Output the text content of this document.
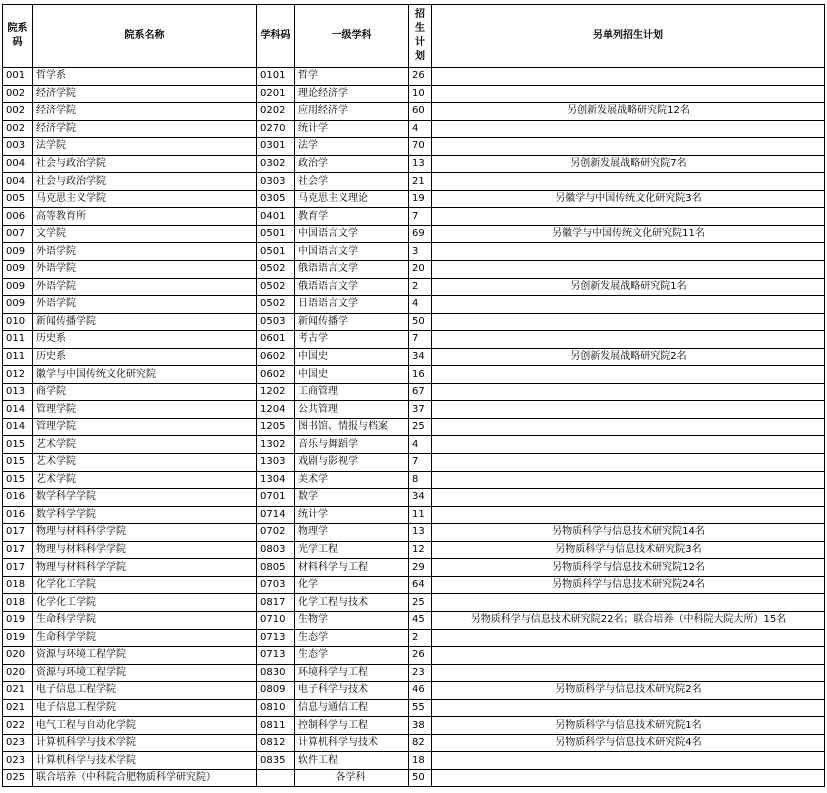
院系码	院系名称	学科码	一级学科	招生计划	另单列招生计划
001	哲学系	0101	哲学	26	
002	经济学院	0201	理论经济学	10	
002	经济学院	0202	应用经济学	60	另创新发展战略研究院12名
002	经济学院	0270	统计学	4	
003	法学院	0301	法学	70	
004	社会与政治学院	0302	政治学	13	另创新发展战略研究院7名
004	社会与政治学院	0303	社会学	21	
005	马克思主义学院	0305	马克思主义理论	19	另徽学与中国传统文化研究院3名
006	高等教育所	0401	教育学	7	
007	文学院	0501	中国语言文学	69	另徽学与中国传统文化研究院11名
009	外语学院	0501	中国语言文学	3	
009	外语学院	0502	俄语语言文学	20	
009	外语学院	0502	俄语语言文学	2	另创新发展战略研究院1名
009	外语学院	0502	日语语言文学	4	
010	新闻传播学院	0503	新闻传播学	50	
011	历史系	0601	考古学	7	
011	历史系	0602	中国史	34	另创新发展战略研究院2名
012	徽学与中国传统文化研究院	0602	中国史	16	
013	商学院	1202	工商管理	67	
014	管理学院	1204	公共管理	37	
014	管理学院	1205	图书馆、情报与档案	25	
015	艺术学院	1302	音乐与舞蹈学	4	
015	艺术学院	1303	戏剧与影视学	7	
015	艺术学院	1304	美术学	8	
016	数学科学学院	0701	数学	34	
016	数学科学学院	0714	统计学	11	
017	物理与材料科学学院	0702	物理学	13	另物质科学与信息技术研究院14名
017	物理与材料科学学院	0803	光学工程	12	另物质科学与信息技术研究院3名
017	物理与材料科学学院	0805	材料科学与工程	29	另物质科学与信息技术研究院12名
018	化学化工学院	0703	化学	64	另物质科学与信息技术研究院24名
018	化学化工学院	0817	化学工程与技术	25	
019	生命科学学院	0710	生物学	45	另物质科学与信息技术研究院22名；联合培养（中科院大院大所）15名
019	生命科学学院	0713	生态学	2	
020	资源与环境工程学院	0713	生态学	26	
020	资源与环境工程学院	0830	环境科学与工程	23	
021	电子信息工程学院	0809	电子科学与技术	46	另物质科学与信息技术研究院2名
021	电子信息工程学院	0810	信息与通信工程	55	
022	电气工程与自动化学院	0811	控制科学与工程	38	另物质科学与信息技术研究院1名
023	计算机科学与技术学院	0812	计算机科学与技术	82	另物质科学与信息技术研究院4名
023	计算机科学与技术学院	0835	软件工程	18	
025	联合培养（中科院合肥物质科学研究院）		各学科	50	
